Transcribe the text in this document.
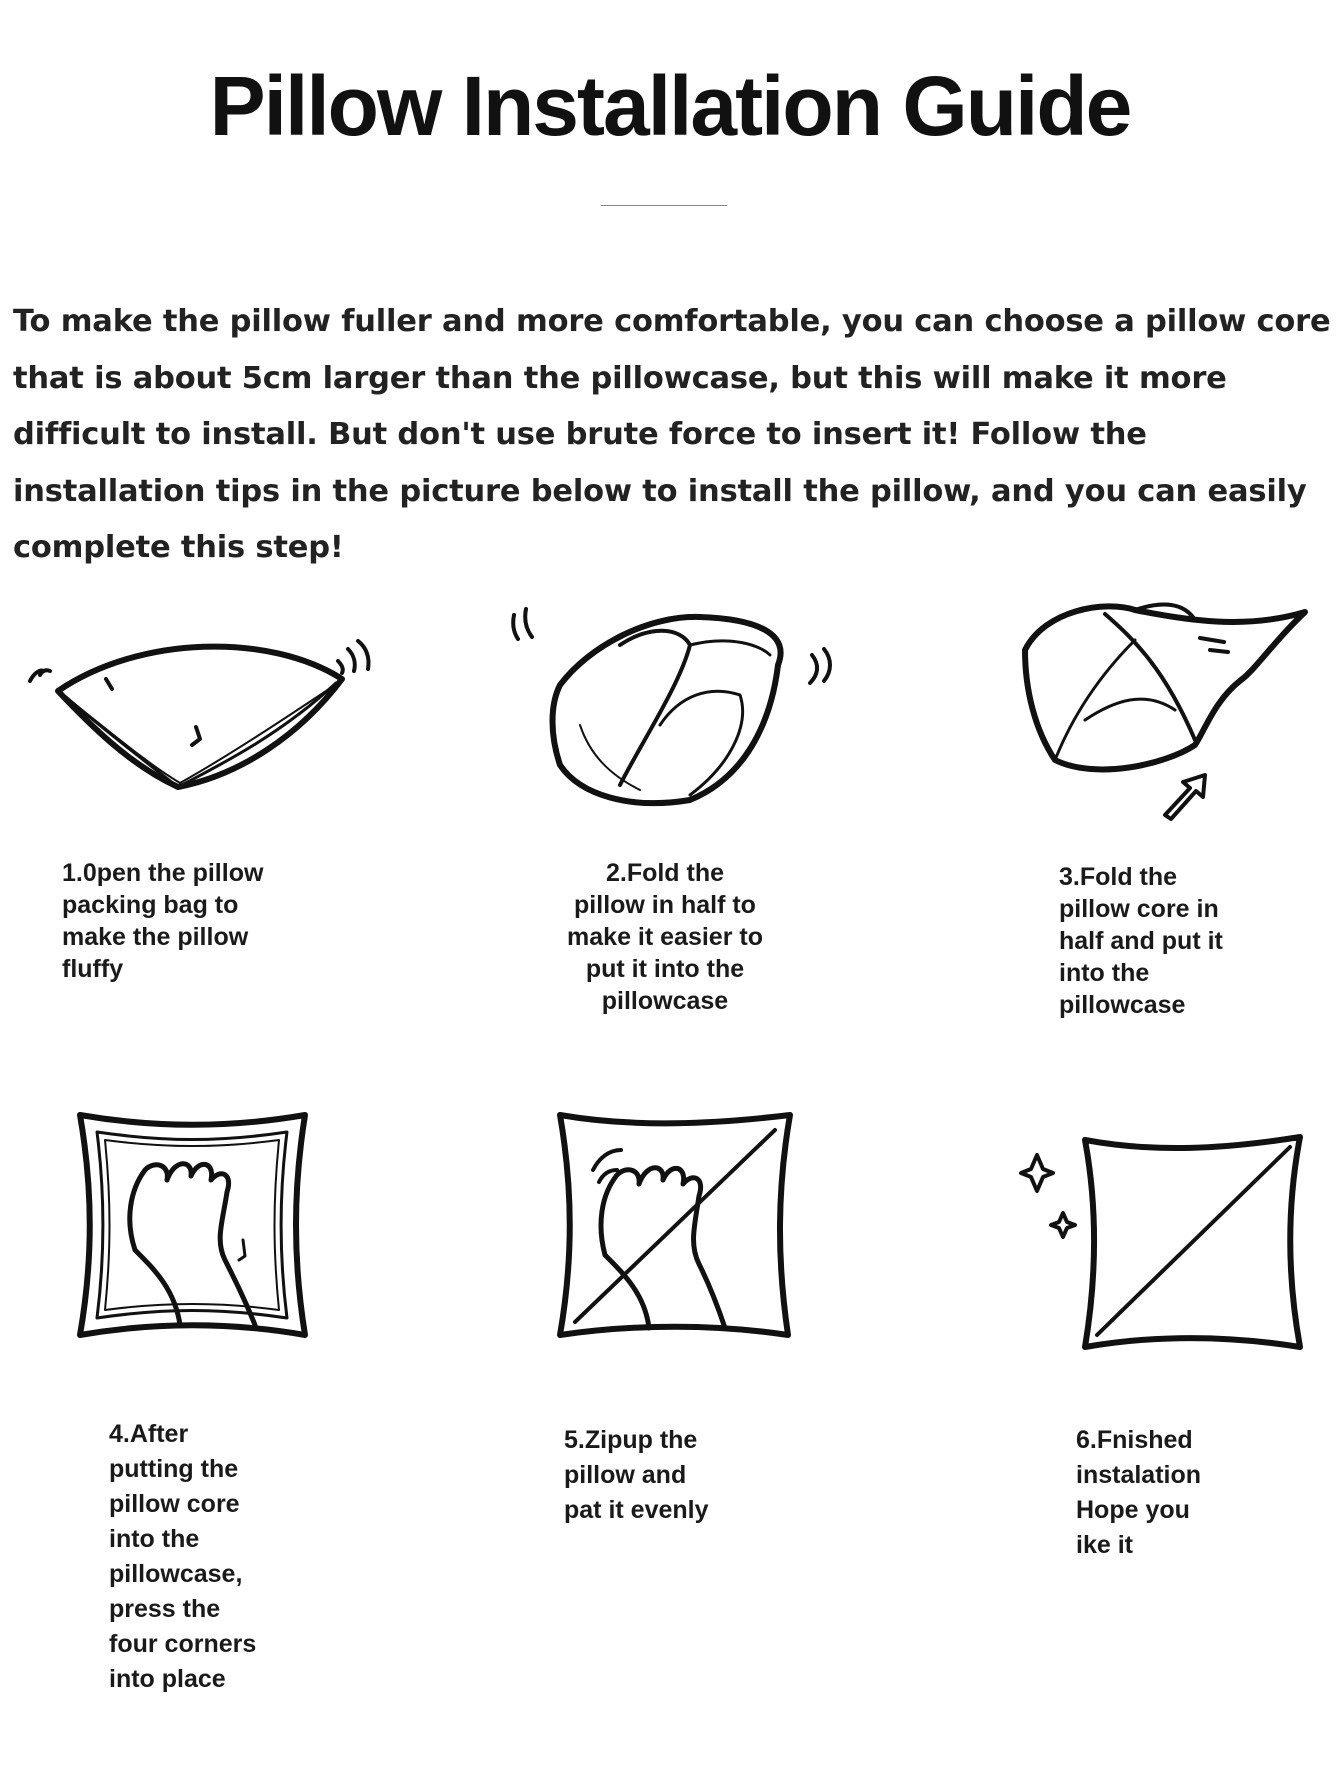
Pillow Installation Guide

To make the pillow fuller and more comfortable, you can choose a pillow core that is about 5cm larger than the pillowcase, but this will make it more difficult to install. But don't use brute force to insert it! Follow the installation tips in the picture below to install the pillow, and you can easily complete this step!

1.0pen the pillow
packing bag to
make the pillow
fluffy

2.Fold the
pillow in half to
make it easier to
put it into the
pillowcase

3.Fold the
pillow core in
half and put it
into the
pillowcase

4.After
putting the
pillow core
into the
pillowcase,
press the
four corners
into place

5.Zipup the
pillow and
pat it evenly

6.Fnished
instalation
Hope you
ike it
